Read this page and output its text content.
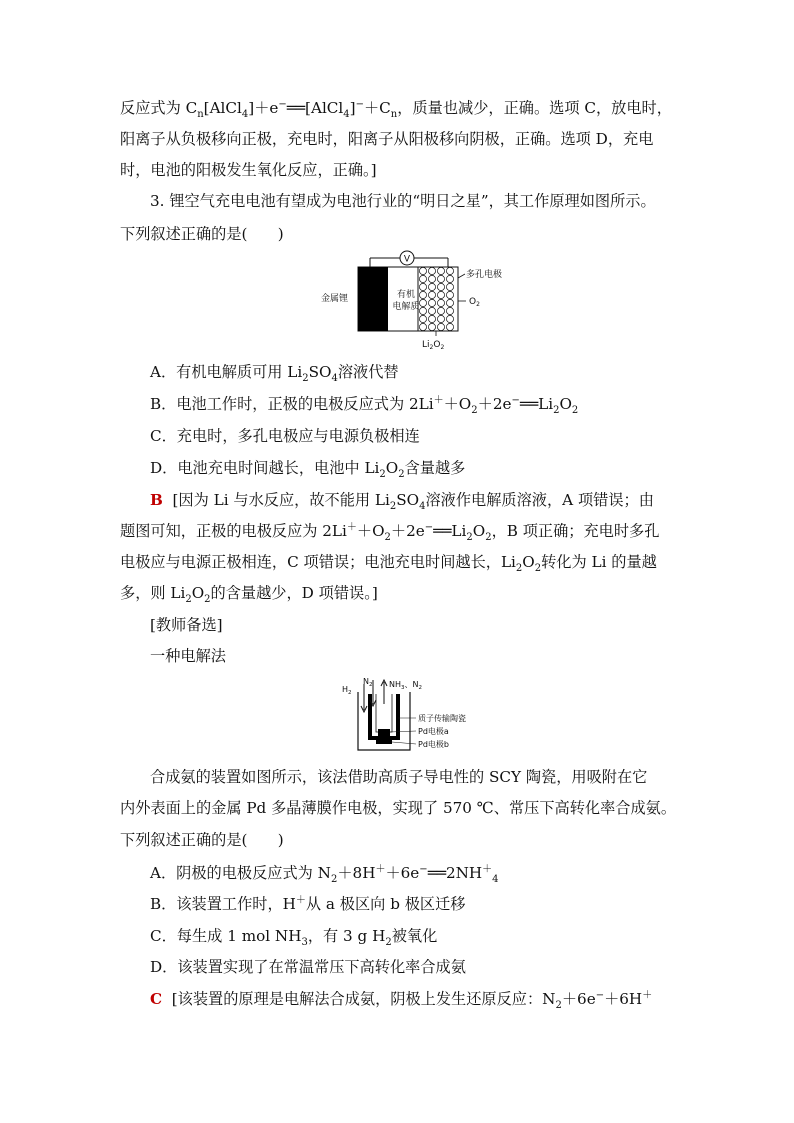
反应式为 $C_n[AlCl_4]+e^-══[AlCl_4]^-+C_n$，质量也减少，正确。选项 C，放电时，
阳离子从负极移向正极，充电时，阳离子从阳极移向阴极，正确。选项 D，充电
时，电池的阳极发生氧化反应，正确。]
3. 锂空气充电电池有望成为电池行业的“明日之星”，其工作原理如图所示。
下列叙述正确的是(　　)
V
金属锂	有机
电解质
多孔电极
$O_2$
$Li_2O_2$
A．有机电解质可用 $Li_2SO_4$溶液代替
B．电池工作时，正极的电极反应式为 $2Li^++O_2+2e^-══Li_2O_2$
C．充电时，多孔电极应与电源负极相连
D．电池充电时间越长，电池中 $Li_2O_2$含量越多
B [因为 Li 与水反应，故不能用 $Li_2SO_4$溶液作电解质溶液，A 项错误；由
题图可知，正极的电极反应为 $2Li^++O_2+2e^-══Li_2O_2$，B 项正确；充电时多孔
电极应与电源正极相连，C 项错误；电池充电时间越长，$Li_2O_2$转化为 Li 的量越
多，则 $Li_2O_2$的含量越少，D 项错误。]
[教师备选]
一种电解法
$H_2$
$N_2$ $NH_3$、$N_2$
质子传输陶瓷
Pd电极a
Pd电极b
合成氨的装置如图所示，该法借助高质子导电性的 SCY 陶瓷，用吸附在它
内外表面上的金属 Pd 多晶薄膜作电极，实现了 570 ℃、常压下高转化率合成氨。
下列叙述正确的是(　　)
A．阴极的电极反应式为 $N_2+8H^++6e^-══2NH^+_4$
B．该装置工作时，H＋从 a 极区向 b 极区迁移
C．每生成 1 mol $NH_3$，有 3 g $H_2$被氧化
D．该装置实现了在常温常压下高转化率合成氨
C [该装置的原理是电解法合成氨，阴极上发生还原反应：$N_2+6e^-+6H^+$
